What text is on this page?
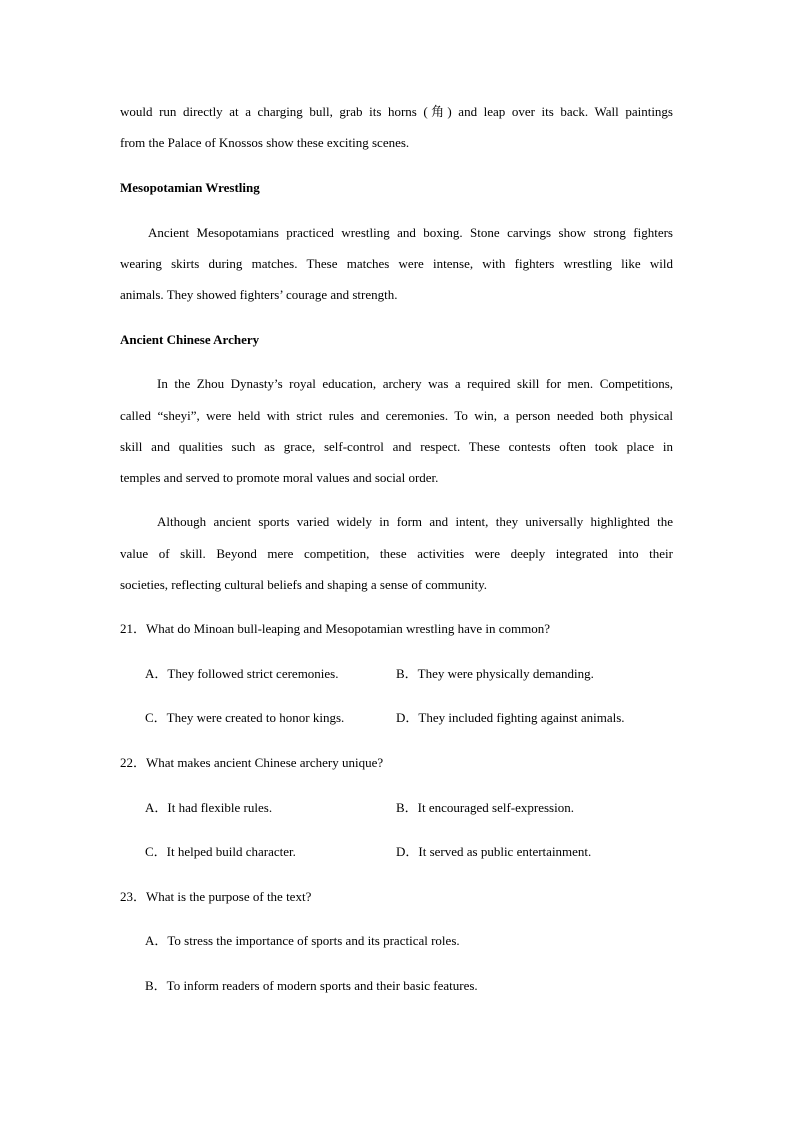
would run directly at a charging bull, grab its horns (角) and leap over its back. Wall paintings
from the Palace of Knossos show these exciting scenes.
Mesopotamian Wrestling
Ancient Mesopotamians practiced wrestling and boxing. Stone carvings show strong fighters
wearing skirts during matches. These matches were intense, with fighters wrestling like wild
animals. They showed fighters’ courage and strength.
Ancient Chinese Archery
In the Zhou Dynasty’s royal education, archery was a required skill for men. Competitions,
called “sheyi”, were held with strict rules and ceremonies. To win, a person needed both physical
skill and qualities such as grace, self-control and respect. These contests often took place in
temples and served to promote moral values and social order.
Although ancient sports varied widely in form and intent, they universally highlighted the
value of skill. Beyond mere competition, these activities were deeply integrated into their
societies, reflecting cultural beliefs and shaping a sense of community.
21．What do Minoan bull-leaping and Mesopotamian wrestling have in common?
A．They followed strict ceremonies.	B．They were physically demanding.
C．They were created to honor kings.	D．They included fighting against animals.
22．What makes ancient Chinese archery unique?
A．It had flexible rules.	B．It encouraged self-expression.
C．It helped build character.	D．It served as public entertainment.
23．What is the purpose of the text?
A．To stress the importance of sports and its practical roles.
B．To inform readers of modern sports and their basic features.
